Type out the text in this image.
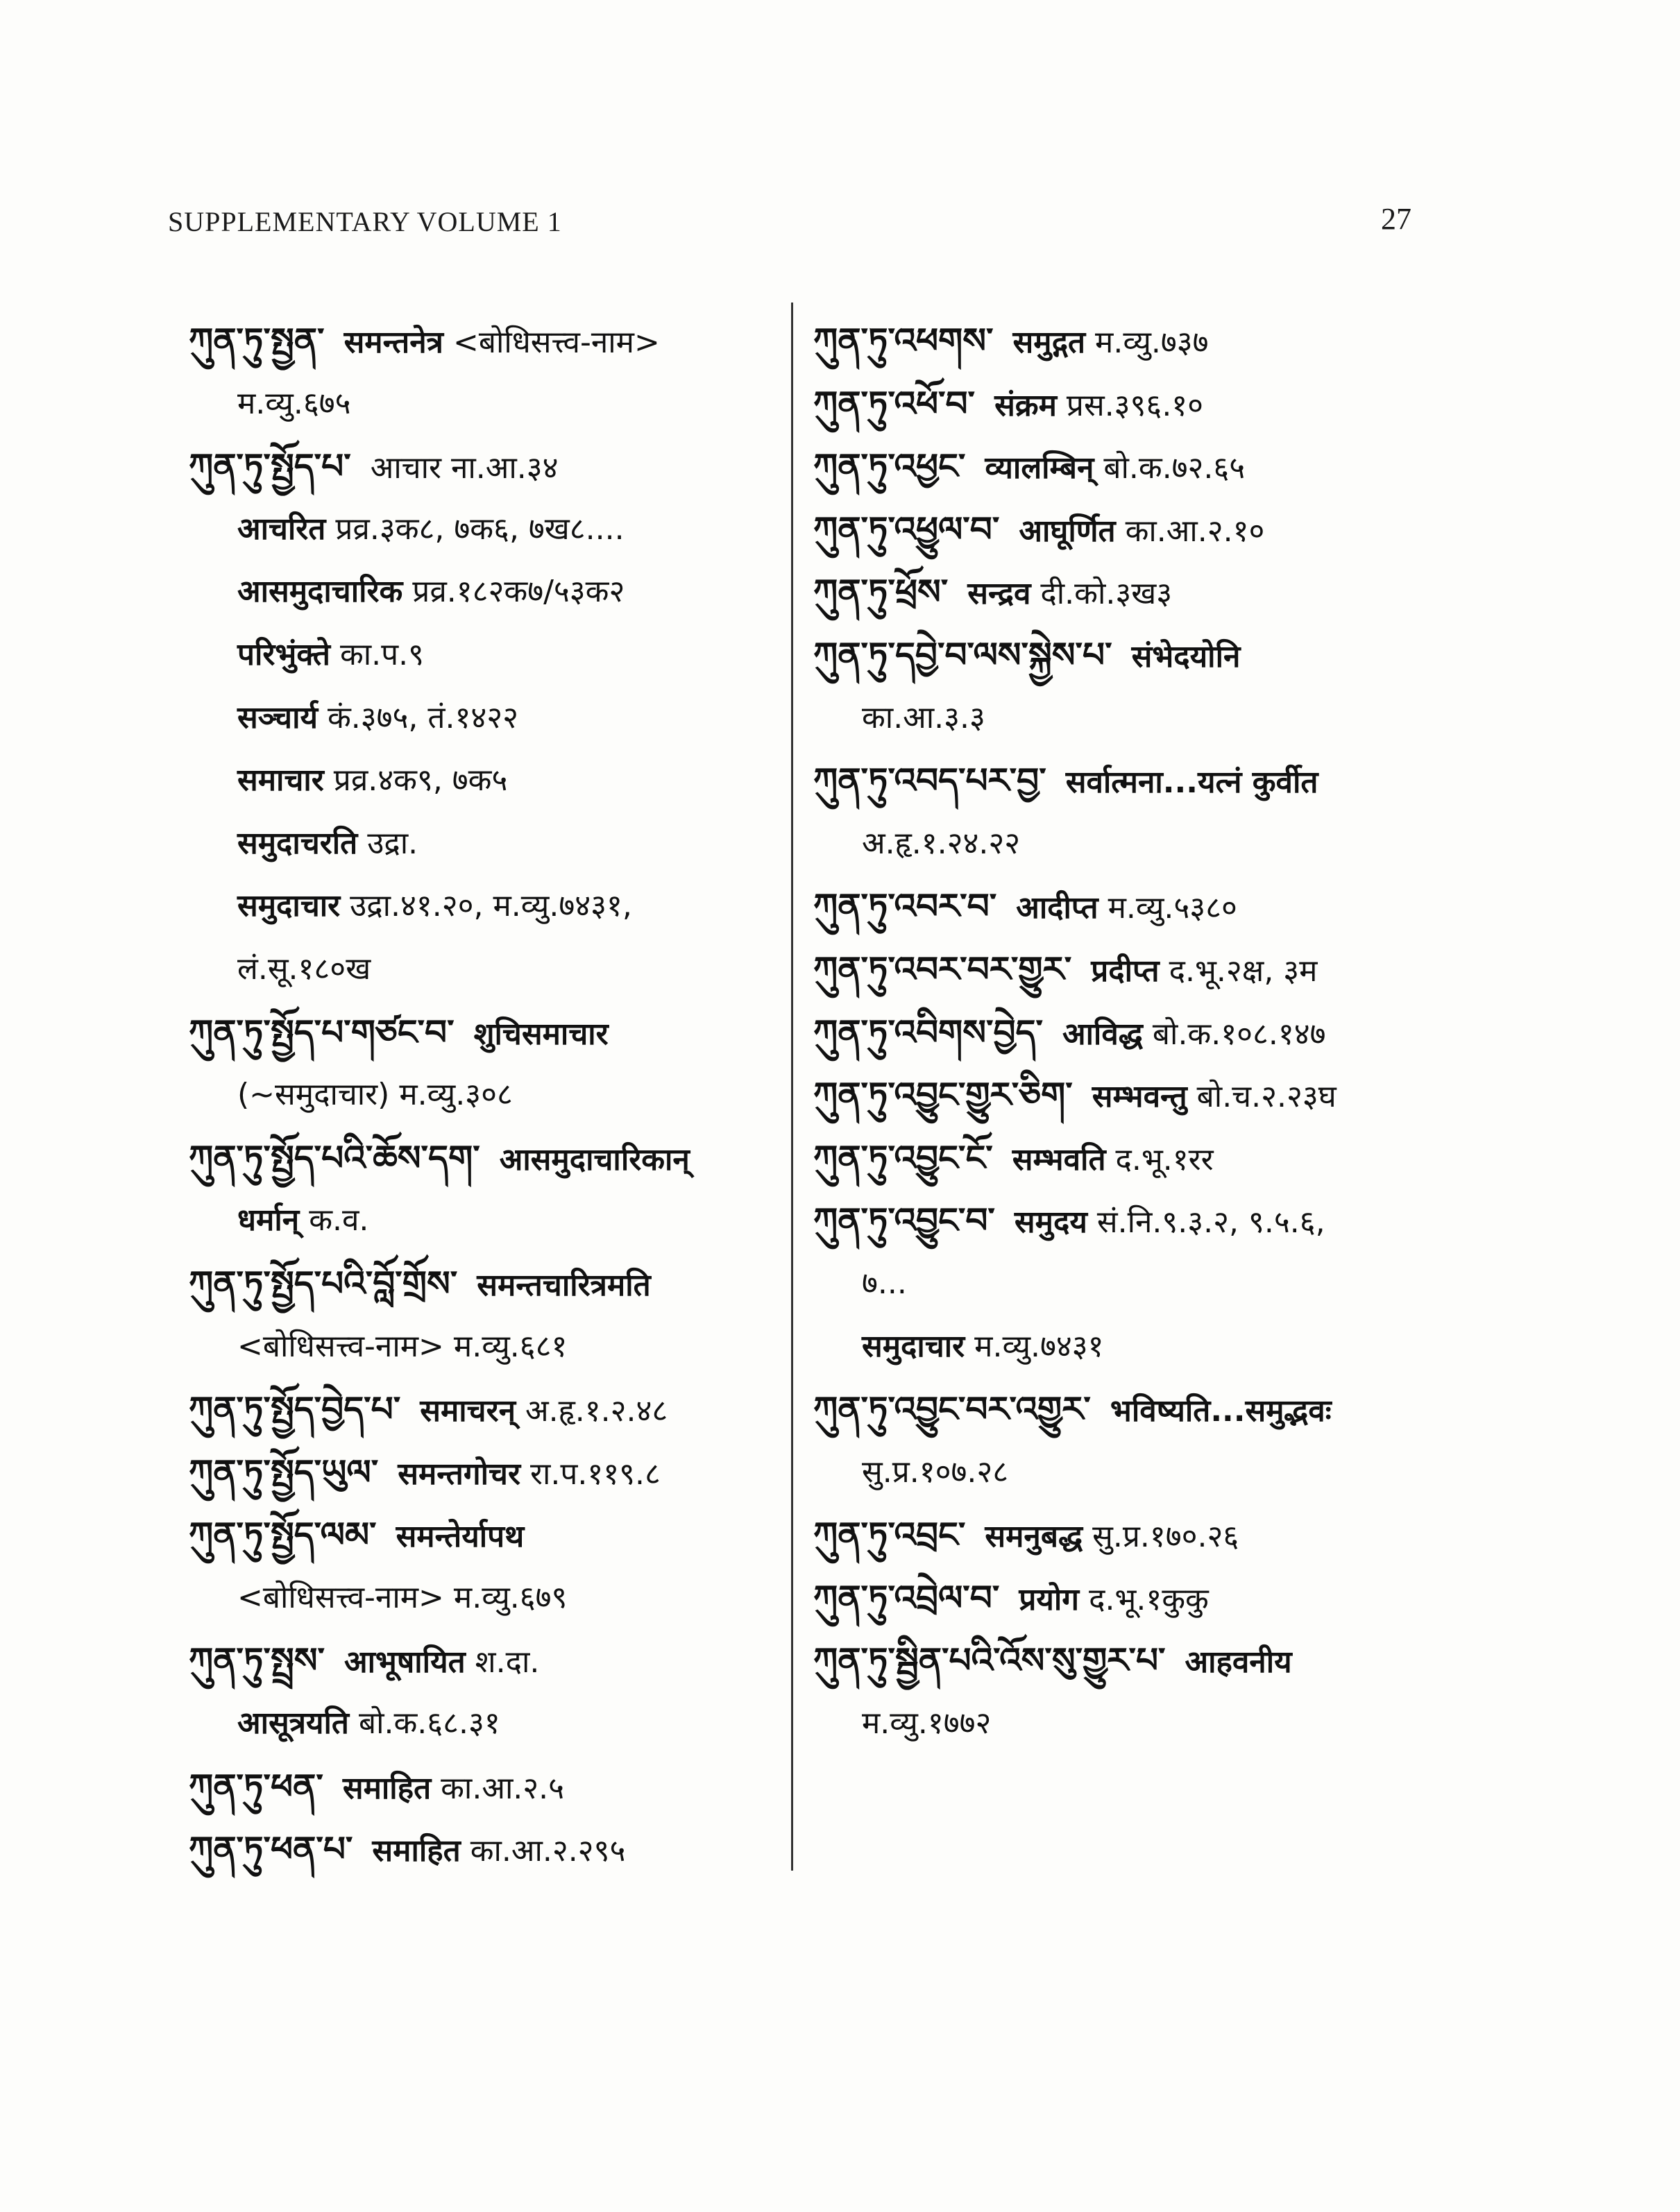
SUPPLEMENTARY VOLUME 1	27
ཀུན་ཏུ་སྤྱན་ समन्तनेत्र <बोधिसत्त्व-नाम>
म.व्यु.६७५
ཀུན་ཏུ་སྤྱོད་པ་ आचार ना.आ.३४
आचरित प्रव्र.३क८, ७क६, ७ख८....
आसमुदाचारिक प्रव्र.१८२क७/५३क२
परिभुंक्ते का.प.९
सञ्चार्य कं.३७५, तं.१४२२
समाचार प्रव्र.४क९, ७क५
समुदाचरति उद्रा.
समुदाचार उद्रा.४१.२०, म.व्यु.७४३१,
लं.सू.१८०ख
ཀུན་ཏུ་སྤྱོད་པ་གཙང་བ་ शुचिसमाचार
(~समुदाचार) म.व्यु.३०८
ཀུན་ཏུ་སྤྱོད་པའི་ཆོས་དག་ आसमुदाचारिकान्
धर्मान् क.व.
ཀུན་ཏུ་སྤྱོད་པའི་བློ་གྲོས་ समन्तचारित्रमति
<बोधिसत्त्व-नाम> म.व्यु.६८१
ཀུན་ཏུ་སྤྱོད་བྱེད་པ་ समाचरन् अ.हृ.१.२.४८
ཀུན་ཏུ་སྤྱོད་ཡུལ་ समन्तगोचर रा.प.११९.८
ཀུན་ཏུ་སྤྱོད་ལམ་ समन्तेर्यापथ
<बोधिसत्त्व-नाम> म.व्यु.६७९
ཀུན་ཏུ་སྤྲས་ आभूषायित श.दा.
आसूत्रयति बो.क.६८.३१
ཀུན་ཏུ་ཕན་ समाहित का.आ.२.५
ཀུན་ཏུ་ཕན་པ་ समाहित का.आ.२.२९५
ཀུན་ཏུ་འཕགས་ समुद्गत म.व्यु.७३७
ཀུན་ཏུ་འཕོ་བ་ संक्रम प्रस.३९६.१०
ཀུན་ཏུ་འཕྱང་ व्यालम्बिन् बो.क.७२.६५
ཀུན་ཏུ་འཕྱུལ་བ་ आघूर्णित का.आ.२.१०
ཀུན་ཏུ་ཕྲོས་ सन्द्रव दी.को.३ख३
ཀུན་ཏུ་དབྱེ་བ་ལས་སྐྱེས་པ་ संभेदयोनि
का.आ.३.३
ཀུན་ཏུ་འབད་པར་བྱ་ सर्वात्मना...यत्नं कुर्वीत
अ.हृ.१.२४.२२
ཀུན་ཏུ་འབར་བ་ आदीप्त म.व्यु.५३८०
ཀུན་ཏུ་འབར་བར་གྱུར་ प्रदीप्त द.भू.२क्ष, ३म
ཀུན་ཏུ་འབིགས་བྱེད་ आविद्ध बो.क.१०८.१४७
ཀུན་ཏུ་འབྱུང་གྱུར་ཅིག་ सम्भवन्तु बो.च.२.२३घ
ཀུན་ཏུ་འབྱུང་ངོ་ सम्भवति द.भू.१रर
ཀུན་ཏུ་འབྱུང་བ་ समुदय सं.नि.९.३.२, ९.५.६,
७...
समुदाचार म.व्यु.७४३१
ཀུན་ཏུ་འབྱུང་བར་འགྱུར་ भविष्यति...समुद्भवः
सु.प्र.१०७.२८
ཀུན་ཏུ་འབྲང་ समनुबद्ध सु.प्र.१७०.२६
ཀུན་ཏུ་འབྲེལ་བ་ प्रयोग द.भू.१कुकु
ཀུན་ཏུ་སྦྱིན་པའི་འོས་སུ་གྱུར་པ་ आहवनीय
म.व्यु.१७७२
